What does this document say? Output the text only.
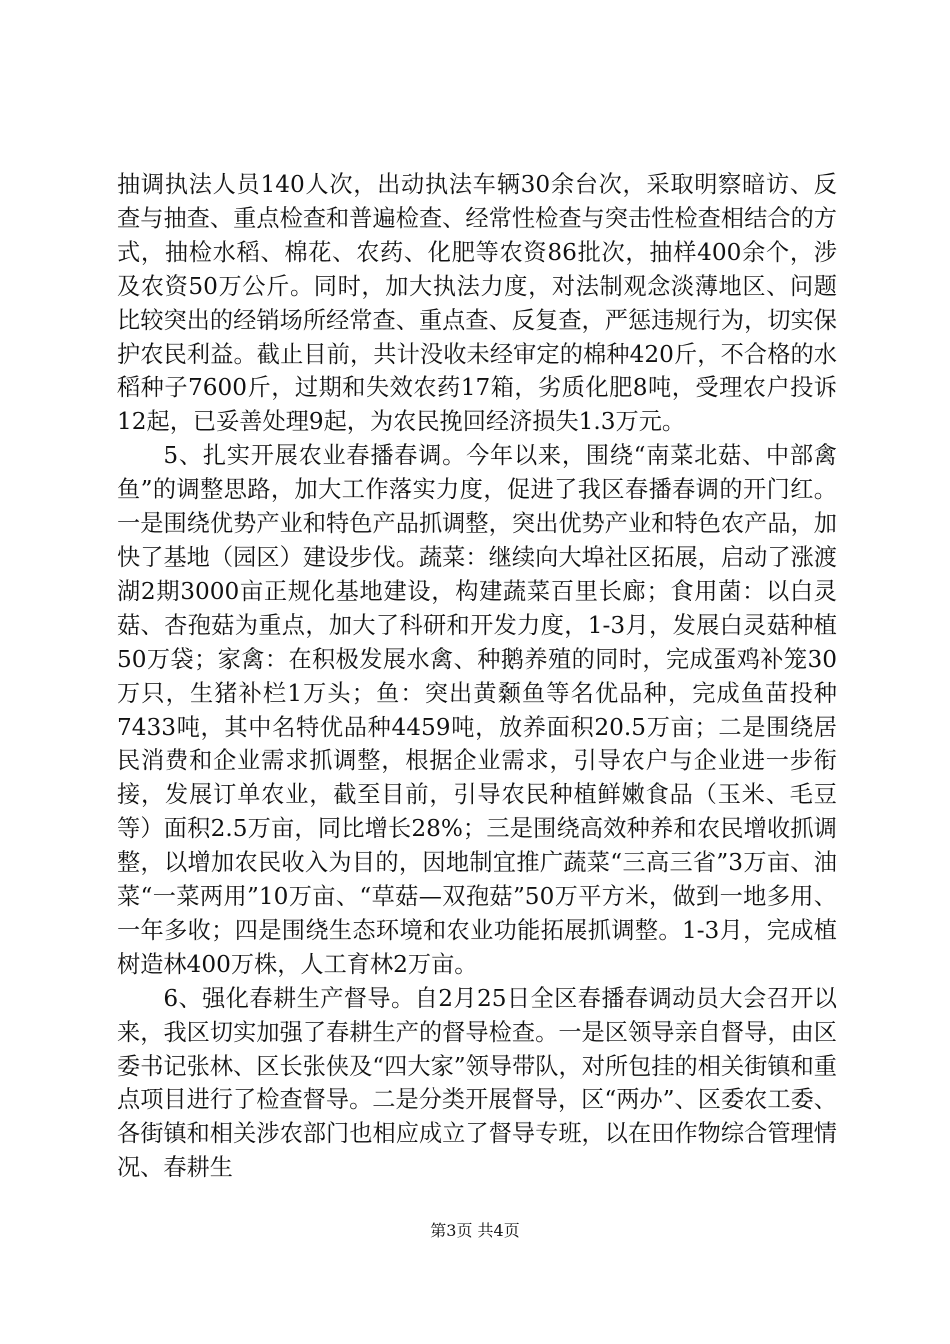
抽调执法人员140人次，出动执法车辆30余台次，采取明察暗访、反查与抽查、重点检查和普遍检查、经常性检查与突击性检查相结合的方式，抽检水稻、棉花、农药、化肥等农资86批次，抽样400余个，涉及农资50万公斤。同时，加大执法力度，对法制观念淡薄地区、问题比较突出的经销场所经常查、重点查、反复查，严惩违规行为，切实保护农民利益。截止目前，共计没收未经审定的棉种420斤，不合格的水稻种子7600斤，过期和失效农药17箱，劣质化肥8吨，受理农户投诉12起，已妥善处理9起，为农民挽回经济损失1.3万元。

5、扎实开展农业春播春调。今年以来，围绕“南菜北菇、中部禽鱼”的调整思路，加大工作落实力度，促进了我区春播春调的开门红。一是围绕优势产业和特色产品抓调整，突出优势产业和特色农产品，加快了基地（园区）建设步伐。蔬菜：继续向大埠社区拓展，启动了涨渡湖2期3000亩正规化基地建设，构建蔬菜百里长廊；食用菌：以白灵菇、杏孢菇为重点，加大了科研和开发力度，1-3月，发展白灵菇种植50万袋；家禽：在积极发展水禽、种鹅养殖的同时，完成蛋鸡补笼30万只，生猪补栏1万头；鱼：突出黄颡鱼等名优品种，完成鱼苗投种7433吨，其中名特优品种4459吨，放养面积20.5万亩；二是围绕居民消费和企业需求抓调整，根据企业需求，引导农户与企业进一步衔接，发展订单农业，截至目前，引导农民种植鲜嫩食品（玉米、毛豆等）面积2.5万亩，同比增长28%；三是围绕高效种养和农民增收抓调整，以增加农民收入为目的，因地制宜推广蔬菜“三高三省”3万亩、油菜“一菜两用”10万亩、“草菇—双孢菇”50万平方米，做到一地多用、一年多收；四是围绕生态环境和农业功能拓展抓调整。1-3月，完成植树造林400万株，人工育林2万亩。

6、强化春耕生产督导。自2月25日全区春播春调动员大会召开以来，我区切实加强了春耕生产的督导检查。一是区领导亲自督导，由区委书记张林、区长张侠及“四大家”领导带队，对所包挂的相关街镇和重点项目进行了检查督导。二是分类开展督导，区“两办”、区委农工委、各街镇和相关涉农部门也相应成立了督导专班，以在田作物综合管理情况、春耕生

第3页 共4页
